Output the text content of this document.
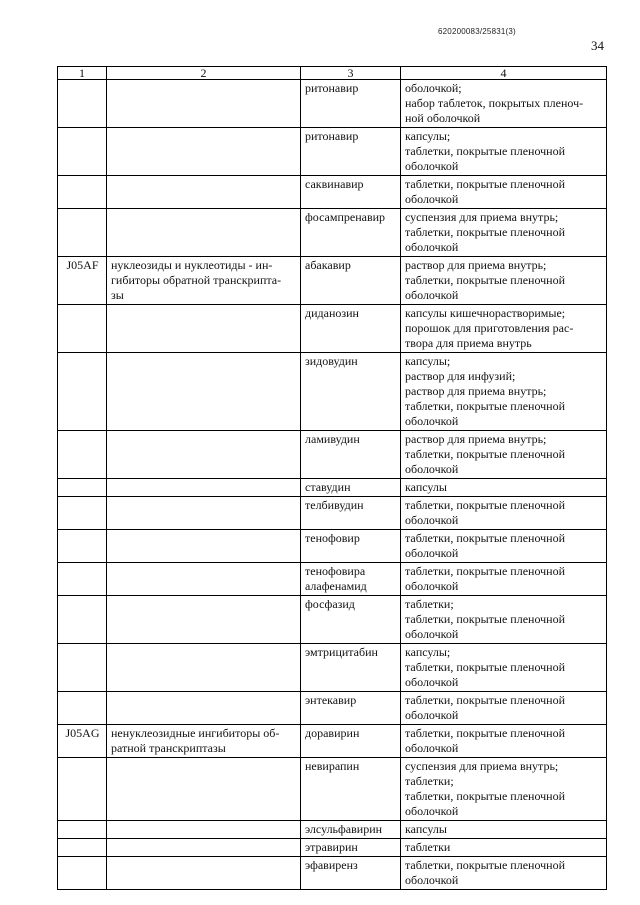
620200083/25831(3)
34
1	2	3	4
		ритонавир	оболочкой;
набор таблеток, покрытых пленоч-
ной оболочкой

		ритонавир	капсулы;
таблетки, покрытые пленочной
оболочкой

		саквинавир	таблетки, покрытые пленочной
оболочкой

		фосампренавир	суспензия для приема внутрь;
таблетки, покрытые пленочной
оболочкой

J05AF	нуклеозиды и нуклеотиды - ин-
гибиторы обратной транскрипта-
зы	абакавир	раствор для приема внутрь;
таблетки, покрытые пленочной
оболочкой

		диданозин	капсулы кишечнорастворимые;
порошок для приготовления рас-
твора для приема внутрь

		зидовудин	капсулы;
раствор для инфузий;
раствор для приема внутрь;
таблетки, покрытые пленочной
оболочкой

		ламивудин	раствор для приема внутрь;
таблетки, покрытые пленочной
оболочкой

		ставудин	капсулы

		телбивудин	таблетки, покрытые пленочной
оболочкой

		тенофовир	таблетки, покрытые пленочной
оболочкой

		тенофовира алафенамид	таблетки, покрытые пленочной
оболочкой

		фосфазид	таблетки;
таблетки, покрытые пленочной
оболочкой

		эмтрицитабин	капсулы;
таблетки, покрытые пленочной
оболочкой

		энтекавир	таблетки, покрытые пленочной
оболочкой

J05AG	ненуклеозидные ингибиторы об-
ратной транскриптазы	доравирин	таблетки, покрытые пленочной
оболочкой

		невирапин	суспензия для приема внутрь;
таблетки;
таблетки, покрытые пленочной
оболочкой

		элсульфавирин	капсулы

		этравирин	таблетки

		эфавиренз	таблетки, покрытые пленочной
оболочкой
